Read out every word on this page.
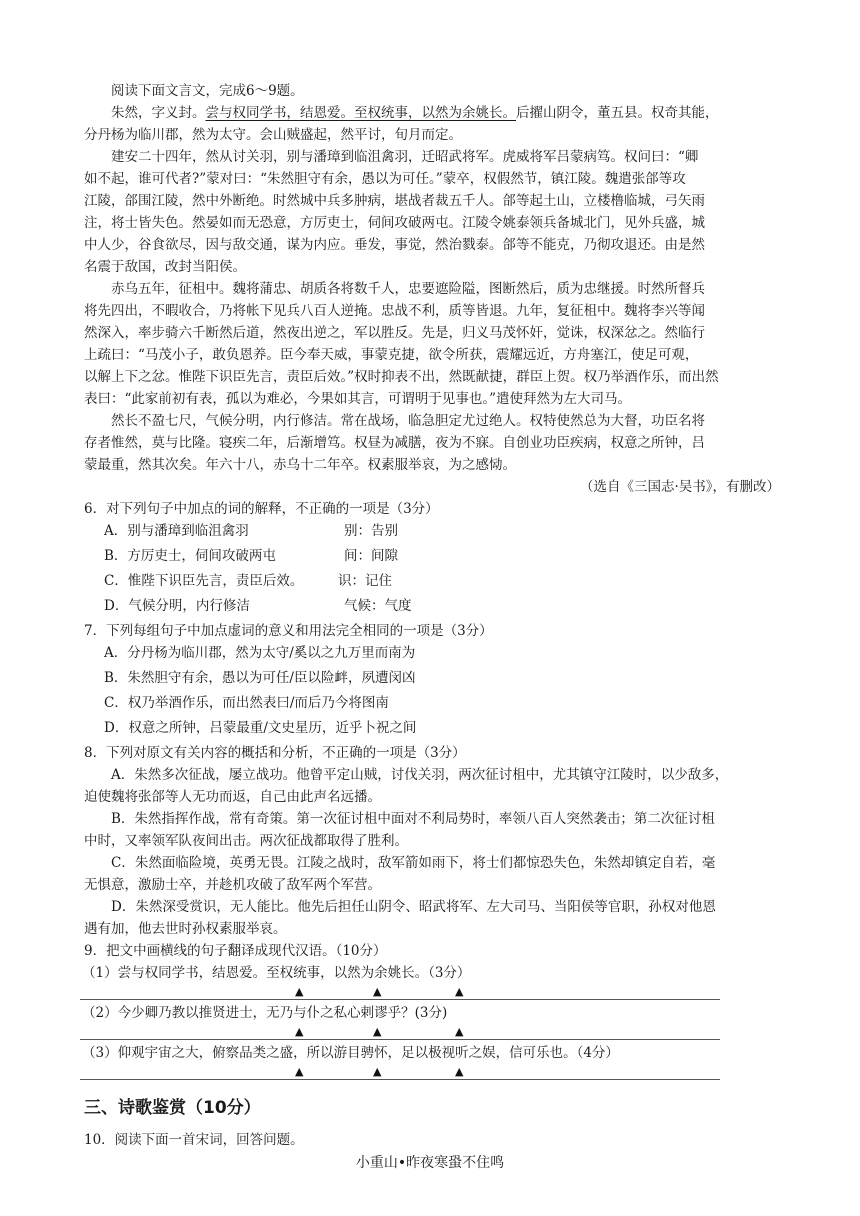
阅读下面文言文，完成6～9题。
朱然，字义封。尝与权同学书，结恩爱。至权统事，以然为余姚长。后擢山阴令，董五县。权奇其能，
分丹杨为临川郡，然为太守。会山贼盛起，然平讨，旬月而定。
建安二十四年，然从讨关羽，别与潘璋到临沮禽羽，迁昭武将军。虎威将军吕蒙病笃。权问曰：“卿
如不起，谁可代者?”蒙对曰：“朱然胆守有余，愚以为可任。”蒙卒，权假然节，镇江陵。魏遣张郃等攻
江陵，郃围江陵，然中外断绝。时然城中兵多肿病，堪战者裁五千人。郃等起土山，立楼橹临城，弓矢雨
注，将士皆失色。然晏如而无恐意，方厉吏士，伺间攻破两屯。江陵令姚泰领兵备城北门，见外兵盛，城
中人少，谷食欲尽，因与敌交通，谋为内应。垂发，事觉，然治戮泰。郃等不能克，乃彻攻退还。由是然
名震于敌国，改封当阳侯。
赤乌五年，征柤中。魏将蒲忠、胡质各将数千人，忠要遮险隘，图断然后，质为忠继援。时然所督兵
将先四出，不暇收合，乃将帐下见兵八百人逆掩。忠战不利，质等皆退。九年，复征柤中。魏将李兴等闻
然深入，率步骑六千断然后道，然夜出逆之，军以胜反。先是，归义马茂怀奸，觉诛，权深忿之。然临行
上疏曰：“马茂小子，敢负恩养。臣今奉天威，事蒙克捷，欲令所获，震耀远近，方舟塞江，使足可观，
以解上下之忿。惟陛下识臣先言，责臣后效。”权时抑表不出，然既献捷，群臣上贺。权乃举酒作乐，而出然
表曰：“此家前初有表，孤以为难必，今果如其言，可谓明于见事也。”遣使拜然为左大司马。
然长不盈七尺，气候分明，内行修洁。常在战场，临急胆定尤过绝人。权特使然总为大督，功臣名将
存者惟然，莫与比隆。寝疾二年，后渐增笃。权昼为减膳，夜为不寐。自创业功臣疾病，权意之所钟，吕
蒙最重，然其次矣。年六十八，赤乌十二年卒。权素服举哀，为之感恸。
（选自《三国志·吴书》，有删改）
6．对下列句子中加点的词的解释，不正确的一项是（3分）
A．别与潘璋到临沮禽羽	别：告别
B．方厉吏士，伺间攻破两屯	间：间隙
C．惟陛下识臣先言，责臣后效。	识：记住
D．气候分明，内行修洁	气候：气度
7．下列每组句子中加点虚词的意义和用法完全相同的一项是（3分）
A．分丹杨为临川郡，然为太守/奚以之九万里而南为
B．朱然胆守有余，愚以为可任/臣以险衅，夙遭闵凶
C．权乃举酒作乐，而出然表曰/而后乃今将图南
D．权意之所钟，吕蒙最重/文史星历，近乎卜祝之间
8．下列对原文有关内容的概括和分析，不正确的一项是（3分）
A．朱然多次征战，屡立战功。他曾平定山贼，讨伐关羽，两次征讨柤中，尤其镇守江陵时，以少敌多，
迫使魏将张郃等人无功而返，自己由此声名远播。
B．朱然指挥作战，常有奇策。第一次征讨柤中面对不利局势时，率领八百人突然袭击；第二次征讨柤
中时，又率领军队夜间出击。两次征战都取得了胜利。
C．朱然面临险境，英勇无畏。江陵之战时，敌军箭如雨下，将士们都惊恐失色，朱然却镇定自若，毫
无惧意，激励士卒，并趁机攻破了敌军两个军营。
D．朱然深受赏识，无人能比。他先后担任山阴令、昭武将军、左大司马、当阳侯等官职，孙权对他恩
遇有加，他去世时孙权素服举哀。
9．把文中画横线的句子翻译成现代汉语。（10分）
（1）尝与权同学书，结恩爱。至权统事，以然为余姚长。（3分）
▲	▲	▲
（2）今少卿乃教以推贤进士，无乃与仆之私心剌谬乎？(3分)
▲	▲	▲
（3）仰观宇宙之大，俯察品类之盛，所以游目骋怀，足以极视听之娱，信可乐也。（4分）
▲	▲	▲
三、诗歌鉴赏（10分）
10．阅读下面一首宋词，回答问题。
小重山•昨夜寒蛩不住鸣
